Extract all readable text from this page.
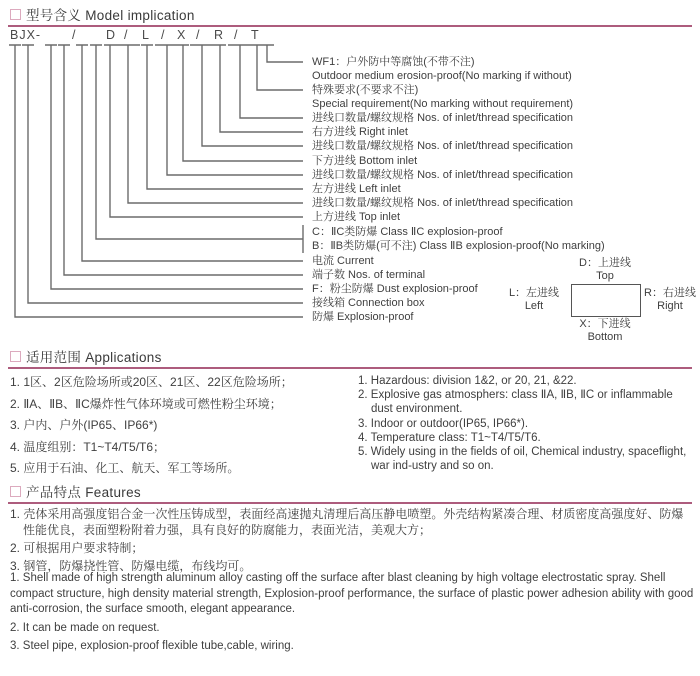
型号含义 Model implication
BJX- / D / L / X / R / T
WF1：户外防中等腐蚀(不带不注)
Outdoor medium erosion-proof(No marking if without)
特殊要求(不要求不注)
Special requirement(No marking without requirement)
进线口数量/螺纹规格 Nos. of inlet/thread specification
右方进线 Right inlet
进线口数量/螺纹规格 Nos. of inlet/thread specification
下方进线 Bottom inlet
进线口数量/螺纹规格 Nos. of inlet/thread specification
左方进线 Left inlet
进线口数量/螺纹规格 Nos. of inlet/thread specification
上方进线 Top inlet
C：ⅡC类防爆 Class ⅡC explosion-proof
B：ⅡB类防爆(可不注) Class ⅡB explosion-proof(No marking)
电流 Current
端子数 Nos. of terminal
F：粉尘防爆 Dust explosion-proof
接线箱 Connection box
防爆 Explosion-proof
D：上进线
Top
L：左进线
Left
R：右进线
Right
X：下进线
Bottom
适用范围 Applications
1. 1区、2区危险场所或20区、21区、22区危险场所；
2. ⅡA、ⅡB、ⅡC爆炸性气体环境或可燃性粉尘环境；
3. 户内、户外(IP65、IP66*)
4. 温度组别：T1~T4/T5/T6；
5. 应用于石油、化工、航天、军工等场所。
1. Hazardous: division 1&2, or 20, 21, &22.
2. Explosive gas atmosphers: class ⅡA, ⅡB, ⅡC or inflammable dust environment.
3. Indoor or outdoor(IP65, IP66*).
4. Temperature class: T1~T4/T5/T6.
5. Widely using in the fields of oil, Chemical industry, spaceflight, war ind-ustry and so on.
产品特点 Features
1. 壳体采用高强度铝合金一次性压铸成型，表面经高速抛丸清理后高压静电喷塑。外壳结构紧凑合理、材质密度高强度好、防爆性能优良，表面塑粉附着力强，具有良好的防腐能力，表面光洁，美观大方；
2. 可根据用户要求特制；
3. 钢管，防爆挠性管、防爆电缆，布线均可。
1. Shell made of high strength aluminum alloy casting off the surface after blast cleaning by high voltage electrostatic spray. Shell compact structure, high density material strength, Explosion-proof performance, the surface of plastic power adhesion ability with good anti-corrosion, the surface smooth, elegant appearance.
2. It can be made on request.
3. Steel pipe, explosion-proof flexible tube,cable, wiring.
